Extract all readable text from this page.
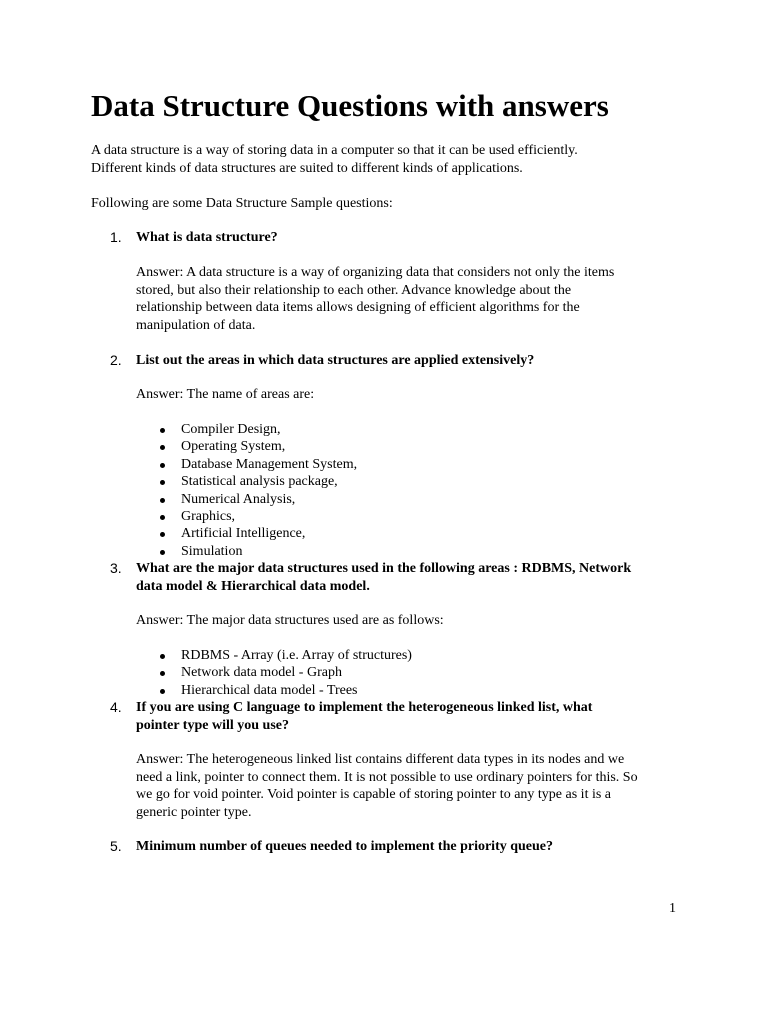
Data Structure Questions with answers

A data structure is a way of storing data in a computer so that it can be used efficiently.
Different kinds of data structures are suited to different kinds of applications.

Following are some Data Structure Sample questions:

1. What is data structure?
Answer: A data structure is a way of organizing data that considers not only the items
stored, but also their relationship to each other. Advance knowledge about the
relationship between data items allows designing of efficient algorithms for the
manipulation of data.
2. List out the areas in which data structures are applied extensively?
Answer: The name of areas are:
Compiler Design,
Operating System,
Database Management System,
Statistical analysis package,
Numerical Analysis,
Graphics,
Artificial Intelligence,
Simulation
3. What are the major data structures used in the following areas : RDBMS, Network
data model & Hierarchical data model.
Answer: The major data structures used are as follows:
RDBMS - Array (i.e. Array of structures)
Network data model - Graph
Hierarchical data model - Trees
4. If you are using C language to implement the heterogeneous linked list, what
pointer type will you use?
Answer: The heterogeneous linked list contains different data types in its nodes and we
need a link, pointer to connect them. It is not possible to use ordinary pointers for this. So
we go for void pointer. Void pointer is capable of storing pointer to any type as it is a
generic pointer type.
5. Minimum number of queues needed to implement the priority queue?
1
